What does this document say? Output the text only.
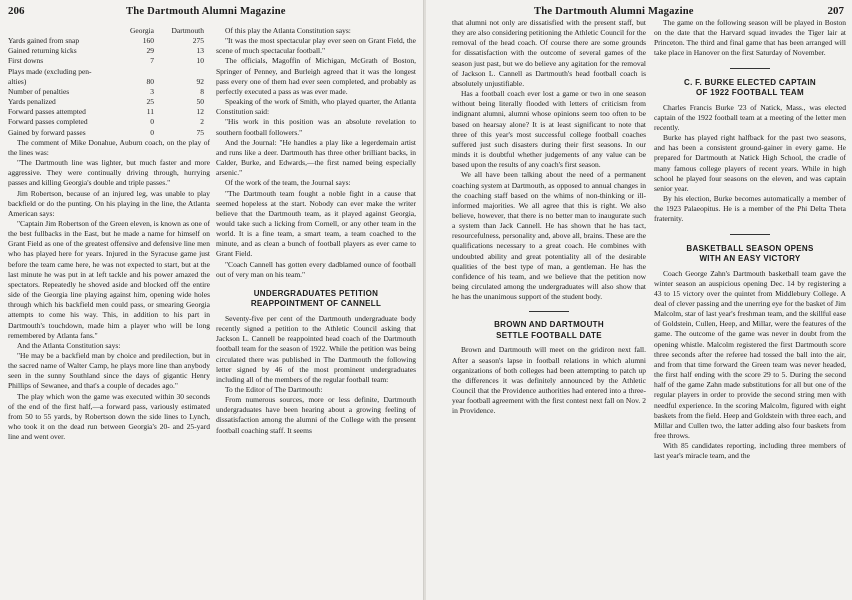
206	The Dartmouth Alumni Magazine
	Georgia	Dartmouth
Yards gained from snap	160	275
Gained returning kicks	29	13
First downs	7	10
Plays made (excluding pen-		
alties)	80	92
Number of penalties	3	8
Yards penalized	25	50
Forward passes attempted	11	12
Forward passes completed	0	2
Gained by forward passes	0	75

The comment of Mike Donahue, Auburn coach, on the play of the lines was:

"The Dartmouth line was lighter, but much faster and more aggressive. They were continually driving through, hurrying passes and killing Georgia's double and triple passes."

Jim Robertson, because of an injured leg, was unable to play backfield or do the punting. On his playing in the line, the Atlanta American says:

"Captain Jim Robertson of the Green eleven, is known as one of the best fullbacks in the East, but he made a name for himself on Grant Field as one of the greatest offensive and defensive line men who has played here for years. Injured in the Syracuse game just before the team came here, he was not expected to start, but at the last minute he was put in at left tackle and his power amazed the spectators. Repeatedly he shoved aside and blocked off the entire side of the Georgia line playing against him, opening wide holes through which his backfield men could pass, or smearing Georgia attempts to come his way. This, in addition to his part in Dartmouth's touchdown, made him a player who will be long remembered by Atlanta fans."

And the Atlanta Constitution says:

"He may be a backfield man by choice and predilection, but in the sacred name of Walter Camp, he plays more line than anybody seen in the sunny Southland since the days of gigantic Henry Phillips of Sewanee, and that's a couple of decades ago."

The play which won the game was executed within 30 seconds of the end of the first half,—a forward pass, variously estimated from 50 to 55 yards, by Robertson down the side lines to Lynch, who took it on the dead run between Georgia's 20- and 25-yard line and went over.

Of this play the Atlanta Constitution says:

"It was the most spectacular play ever seen on Grant Field, the scene of much spectacular football."

The officials, Magoffin of Michigan, McGrath of Boston, Springer of Penney, and Burleigh agreed that it was the longest pass every one of them had ever seen completed, and probably as perfectly executed a pass as was ever made.

Speaking of the work of Smith, who played quarter, the Atlanta Constitution said:

"His work in this position was an absolute revelation to southern football followers."

And the Journal: "He handles a play like a legerdemain artist and runs like a deer. Dartmouth has three other brilliant backs, in Calder, Burke, and Edwards,—the first named being especially arsenic."

Of the work of the team, the Journal says:

"The Dartmouth team fought a noble fight in a cause that seemed hopeless at the start. Nobody can ever make the writer believe that the Dartmouth team, as it played against Georgia, would take such a licking from Cornell, or any other team in the world. It is a fine team, a smart team, a team coached to the minute, and as clean a bunch of football players as ever came to Grant Field.

"Coach Cannell has gotten every dadblamed ounce of football out of very man on his team."

UNDERGRADUATES PETITION
REAPPOINTMENT OF CANNELL

Seventy-five per cent of the Dartmouth undergraduate body recently signed a petition to the Athletic Council asking that Jackson L. Cannell be reappointed head coach of the Dartmouth football team for the season of 1922. While the petition was being circulated there was published in The Dartmouth the following letter signed by 46 of the most prominent undergraduates including all of the members of the regular football team:

To the Editor of The Dartmouth:

From numerous sources, more or less definite, Dartmouth undergraduates have been hearing about a growing feeling of dissatisfaction among the alumni of the College with the present football coaching staff. It seems

The Dartmouth Alumni Magazine	207

that alumni not only are dissatisfied with the present staff, but they are also considering petitioning the Athletic Council for the removal of the head coach. Of course there are some grounds for dissatisfaction with the outcome of several games of the season just past, but we do believe any agitation for the removal of Jackson L. Cannell as Dartmouth's head football coach is absolutely unjustifiable.

Has a football coach ever lost a game or two in one season without being literally flooded with letters of criticism from indignant alumni, alumni whose opinions seem too often to be based on hearsay alone? It is at least significant to note that three of this year's most successful college football coaches suffered just such disasters during their first seasons. In our minds it is doubtful whether judgements of any value can be based upon the results of any coach's first season.

We all have been talking about the need of a permanent coaching system at Dartmouth, as opposed to annual changes in the coaching staff based on the whims of non-thinking or ill-informed majorities. We all agree that this is right. We also believe, however, that there is no better man to inaugurate such a system than Jack Cannell. He has shown that he has tact, resourcefulness, personality and, above all, brains. These are the qualifications necessary to a great coach. He combines with undoubted ability and great potentiality all of the desirable qualities of the best type of man, a gentleman. He has the confidence of his team, and we believe that the petition now being circulated among the undergraduates will also show that he has the unanimous support of the student body.

BROWN AND DARTMOUTH
SETTLE FOOTBALL DATE

Brown and Dartmouth will meet on the gridiron next fall. After a season's lapse in football relations in which alumni organizations of both colleges had been attempting to patch up the differences it was definitely announced by the Athletic Council that the Providence authorities had entered into a three-year football agreement with the first contest next fall on Nov. 2 in Providence.

The game on the following season will be played in Boston on the date that the Harvard squad invades the Tiger lair at Princeton. The third and final game that has been arranged will take place in Hanover on the first Saturday of November.

C. F. BURKE ELECTED CAPTAIN
OF 1922 FOOTBALL TEAM

Charles Francis Burke '23 of Natick, Mass., was elected captain of the 1922 football team at a meeting of the letter men recently.

Burke has played right halfback for the past two seasons, and has been a consistent ground-gainer in every game. He prepared for Dartmouth at Natick High School, the cradle of many famous college players of recent years. While in high school he played four seasons on the eleven, and was captain senior year.

By his election, Burke becomes automatically a member of the 1923 Palaeopitus. He is a member of the Phi Delta Theta fraternity.

BASKETBALL SEASON OPENS
WITH AN EASY VICTORY

Coach George Zahn's Dartmouth basketball team gave the winter season an auspicious opening Dec. 14 by registering a 43 to 15 victory over the quintet from Middlebury College. A deal of clever passing and the unerring eye for the basket of Jim Malcolm, star of last year's freshman team, and the skillful ease of Goldstein, Cullen, Heep, and Millar, were the features of the game. The outcome of the game was never in doubt from the opening whistle. Malcolm registered the first Dartmouth score three seconds after the referee had tossed the ball into the air, and from that time forward the Green team was never headed, the first half ending with the score 29 to 5. During the second half of the game Zahn made substitutions for all but one of the regular players in order to provide the second string men with needful experience. In the scoring Malcolm, figured with eight baskets from the field. Heep and Goldstein with three each, and Millar and Cullen two, the latter adding also four baskets from free throws.

With 85 candidates reporting, including three members of last year's miracle team, and the
